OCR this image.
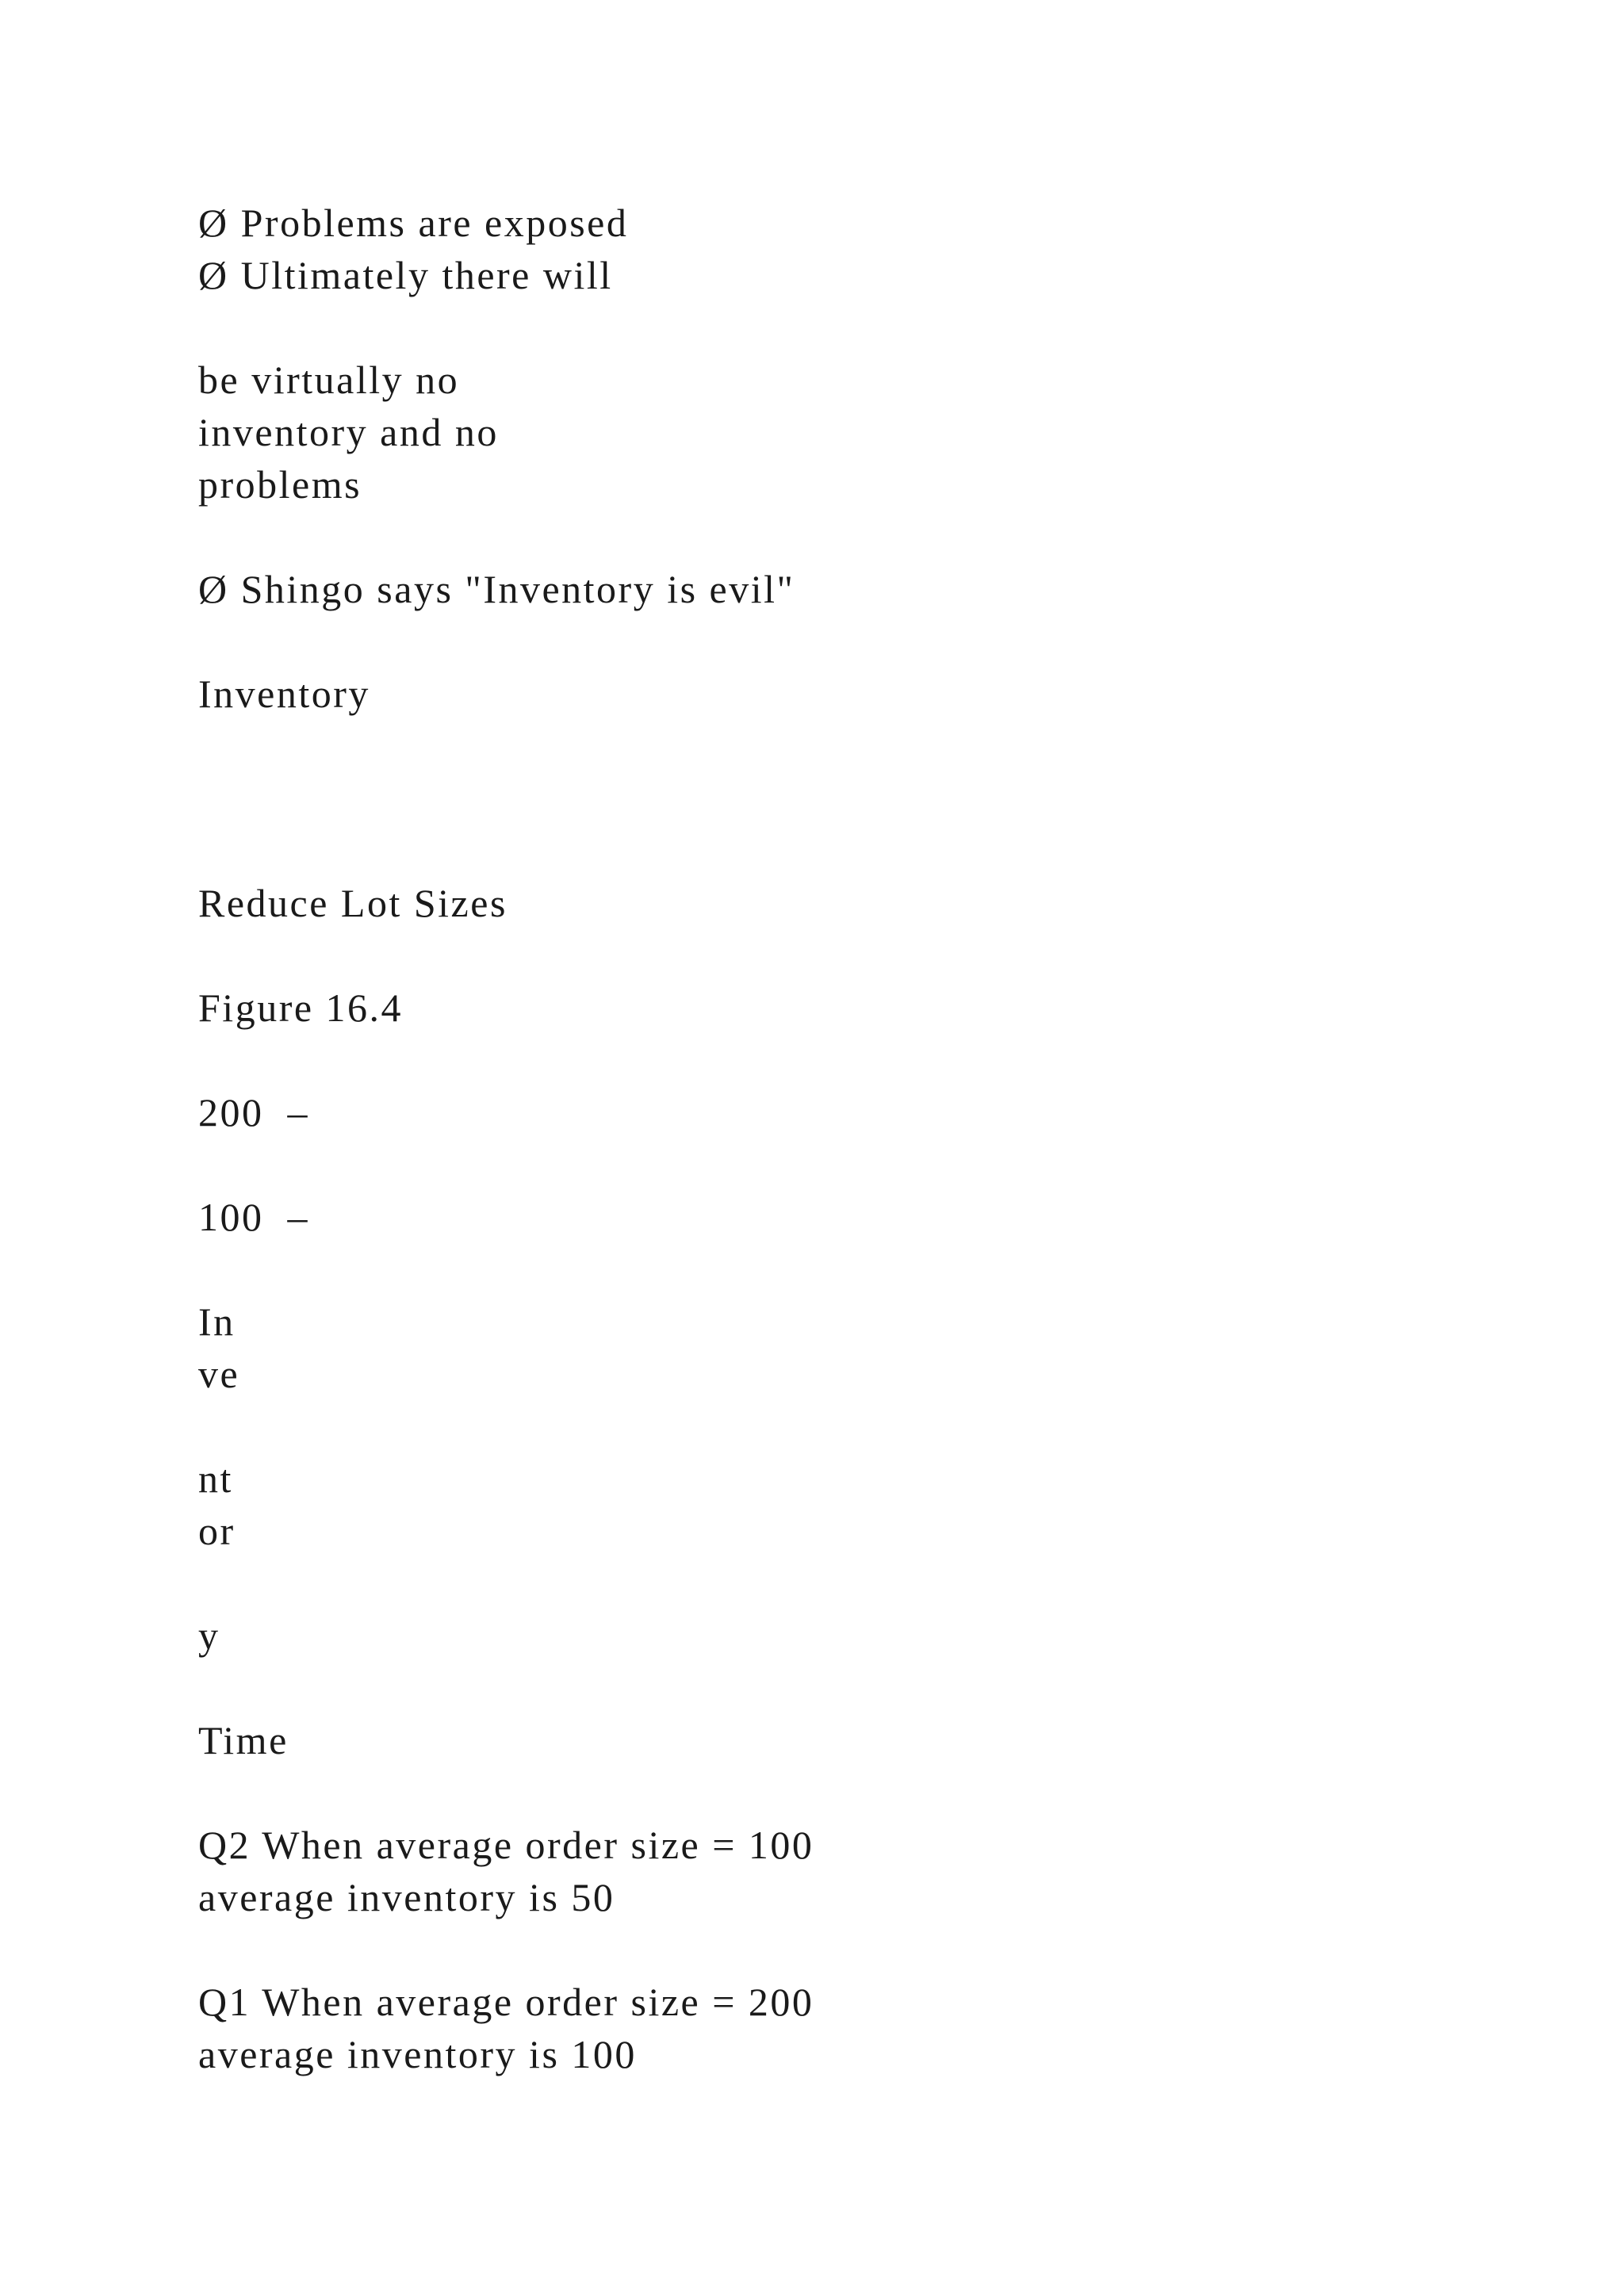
Ø Problems are exposed

Ø Ultimately there will

be virtually no

inventory and no

problems

Ø Shingo says "Inventory is evil"

Inventory

Reduce Lot Sizes

Figure 16.4

200  –

100  –

In

ve

nt

or

y

Time

Q2 When average order size = 100

average inventory is 50

Q1 When average order size = 200

average inventory is 100
